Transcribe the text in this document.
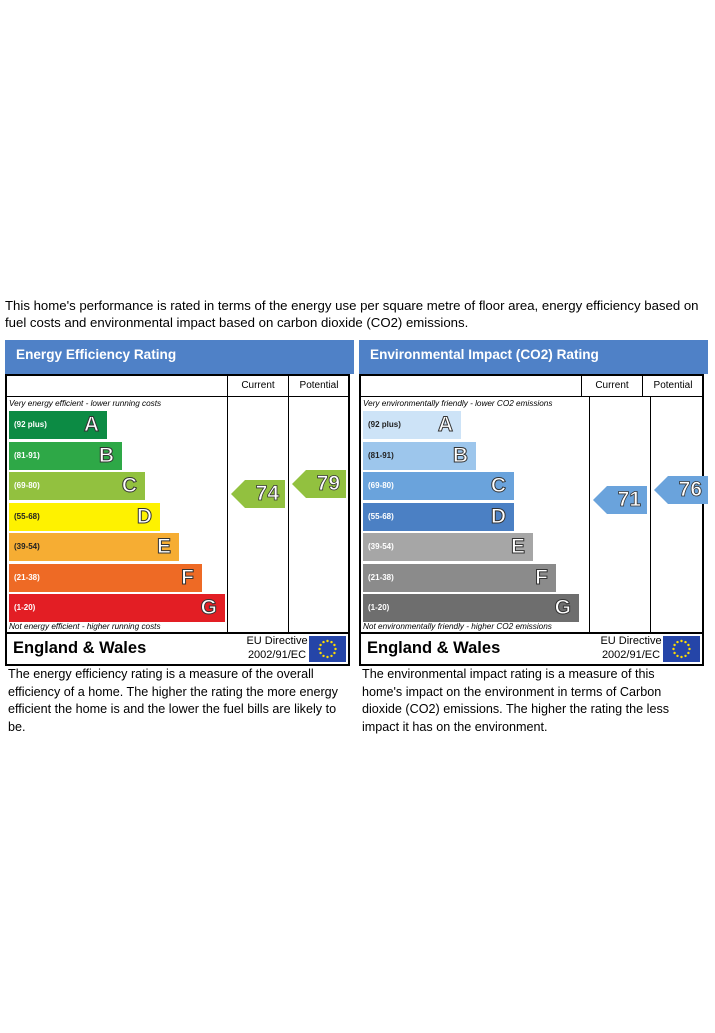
This home's performance is rated in terms of the energy use per square metre of floor area, energy efficiency based on fuel costs and environmental impact based on carbon dioxide (CO2) emissions.
Energy Efficiency Rating
Current	Potential
Very energy efficient - lower running costs
(92 plus) A
(81-91)	B
(69-80)	C
(55-68)	D
(39-54)	E
(21-38)	F
(1-20)	G
Not energy efficient - higher running costs
74 79
England & Wales	EU Directive
2002/91/EC
The energy efficiency rating is a measure of the overall efficiency of a home. The higher the rating the more energy efficient the home is and the lower the fuel bills are likely to be.
Environmental Impact (CO2) Rating
Current	Potential
Very environmentally friendly - lower CO2 emissions
(92 plus) A
(81-91)	B
(69-80)	C
(55-68)	D
(39-54)	E
(21-38)	F
(1-20)	G
Not environmentally friendly - higher CO2 emissions
71 76
England & Wales	EU Directive
2002/91/EC
The environmental impact rating is a measure of this home's impact on the environment in terms of Carbon dioxide (CO2) emissions. The higher the rating the less impact it has on the environment.
